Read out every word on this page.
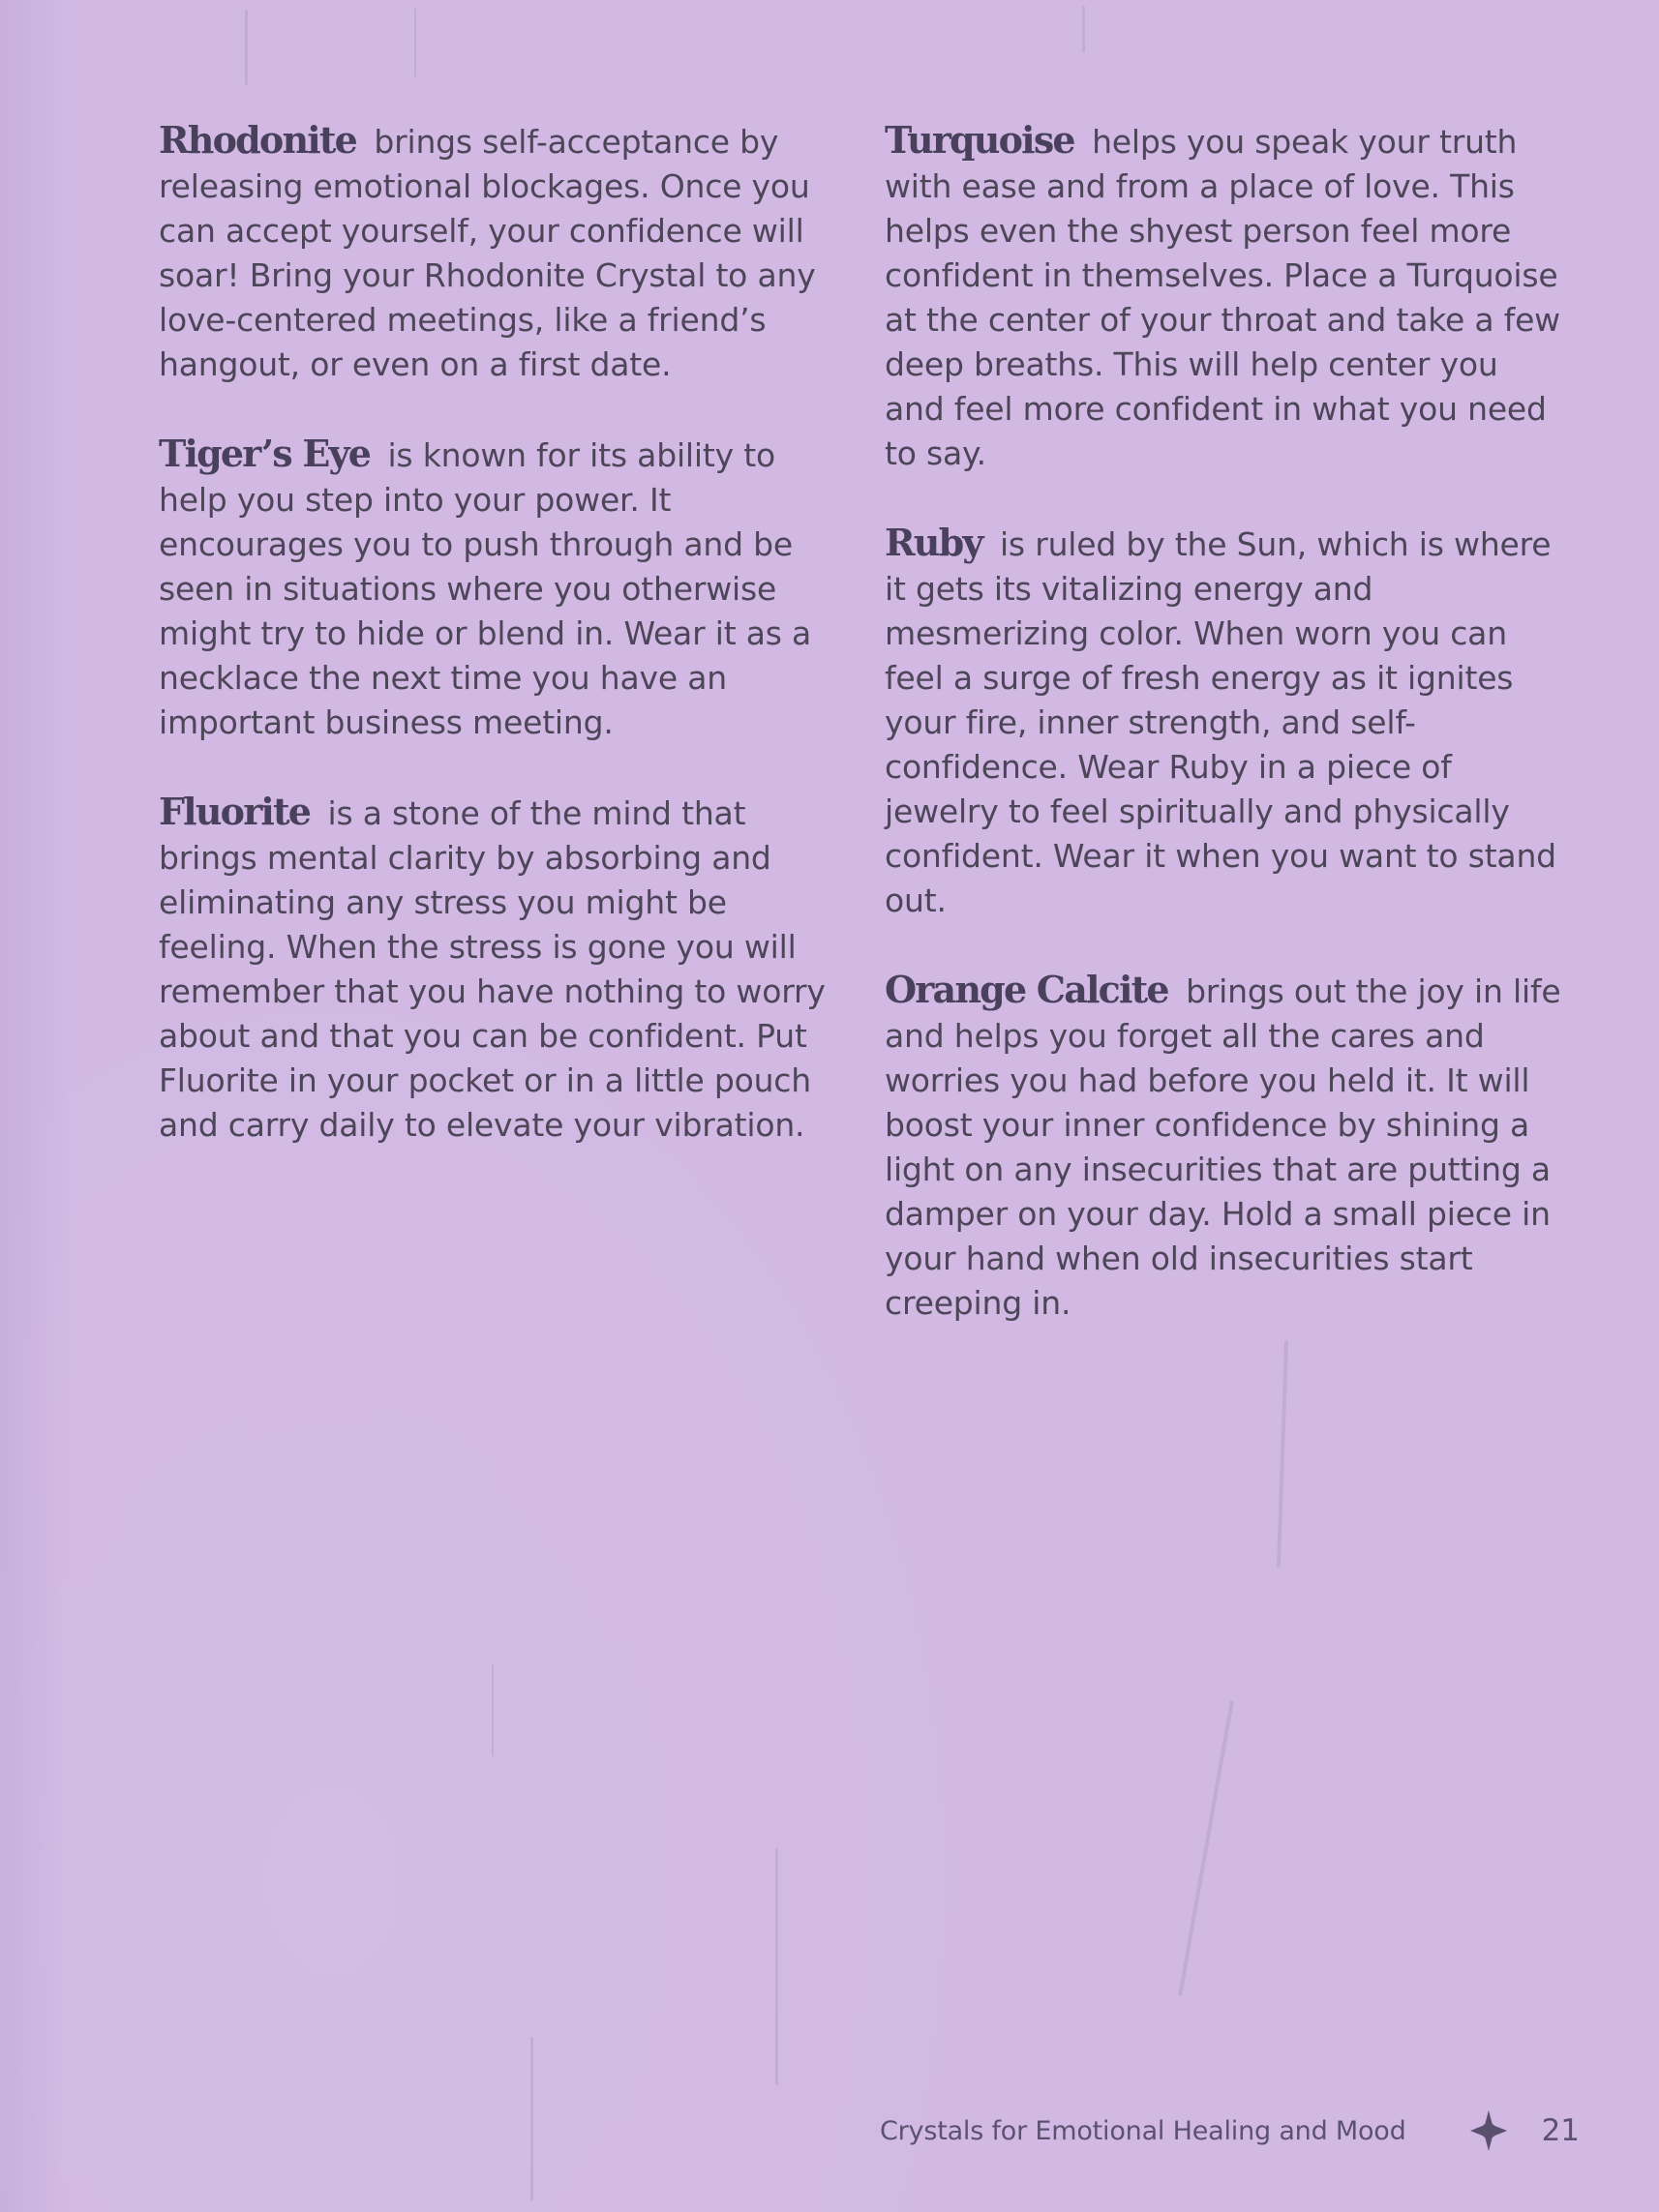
Rhodonite brings self-acceptance by releasing emotional blockages. Once you can accept yourself, your confidence will soar! Bring your Rhodonite Crystal to any love-centered meetings, like a friend’s hangout, or even on a first date.

Tiger’s Eye is known for its ability to help you step into your power. It encourages you to push through and be seen in situations where you otherwise might try to hide or blend in. Wear it as a necklace the next time you have an important business meeting.

Fluorite is a stone of the mind that brings mental clarity by absorbing and eliminating any stress you might be feeling. When the stress is gone you will remember that you have nothing to worry about and that you can be confident. Put Fluorite in your pocket or in a little pouch and carry daily to elevate your vibration.

Turquoise helps you speak your truth with ease and from a place of love. This helps even the shyest person feel more confident in themselves. Place a Turquoise at the center of your throat and take a few deep breaths. This will help center you and feel more confident in what you need to say.

Ruby is ruled by the Sun, which is where it gets its vitalizing energy and mesmerizing color. When worn you can feel a surge of fresh energy as it ignites your fire, inner strength, and self-confidence. Wear Ruby in a piece of jewelry to feel spiritually and physically confident. Wear it when you want to stand out.

Orange Calcite brings out the joy in life and helps you forget all the cares and worries you had before you held it. It will boost your inner confidence by shining a light on any insecurities that are putting a damper on your day. Hold a small piece in your hand when old insecurities start creeping in.

Crystals for Emotional Healing and Mood	21
